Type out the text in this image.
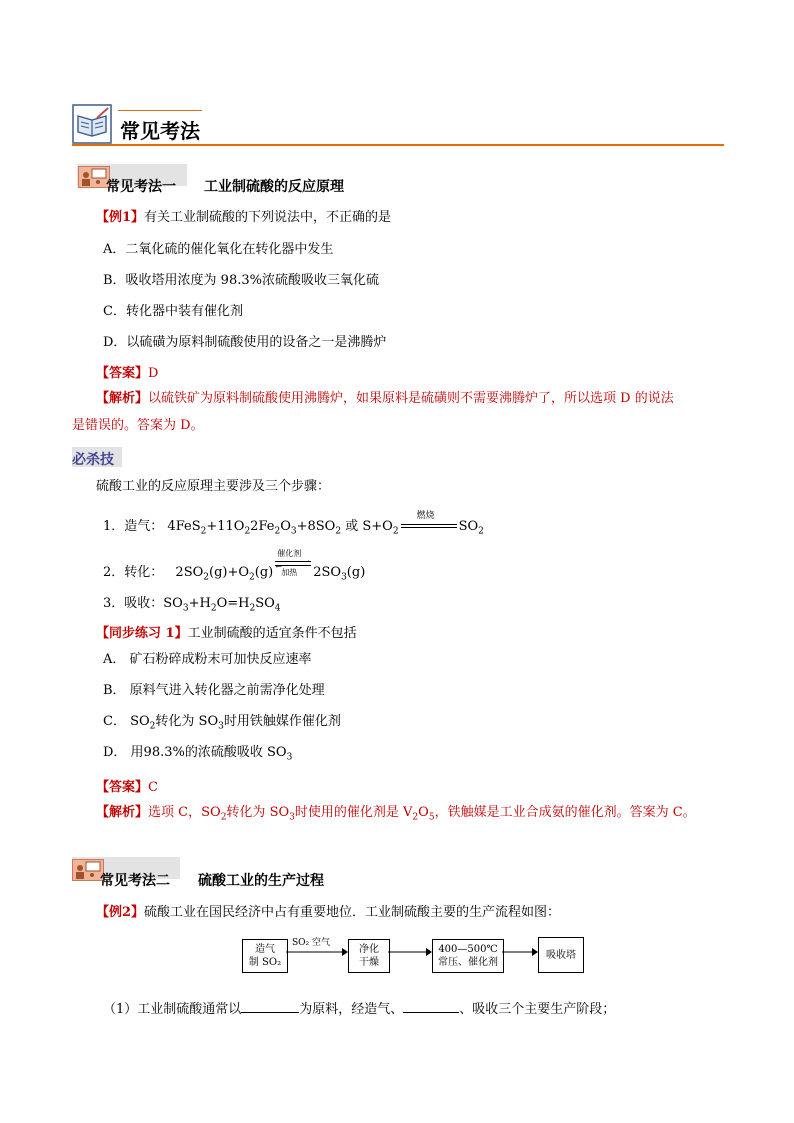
常见考法
常见考法一 工业制硫酸的反应原理
【例1】有关工业制硫酸的下列说法中，不正确的是
A．二氧化硫的催化氧化在转化器中发生
B．吸收塔用浓度为 98.3%浓硫酸吸收三氧化硫
C．转化器中装有催化剂
D．以硫磺为原料制硫酸使用的设备之一是沸腾炉
【答案】D
【解析】以硫铁矿为原料制硫酸使用沸腾炉，如果原料是硫磺则不需要沸腾炉了，所以选项 D 的说法
是错误的。答案为 D。
必杀技
硫酸工业的反应原理主要涉及三个步骤：
1．造气： $4FeS_2+11O_22Fe_2O_3+8SO_2$ 或 $S+O_2$
燃烧
$SO_2$
2．转化： $2SO_2(g)+O_2(g)$
催化剂
⇀
↽
加热 $2SO_3(g)$
3．吸收：$SO_3+H_2O=H_2SO_4$
【同步练习 1】工业制硫酸的适宜条件不包括
A． 矿石粉碎成粉末可加快反应速率
B． 原料气进入转化器之前需净化处理
C． $SO_2$转化为 $SO_3$时用铁触媒作催化剂
D． 用98.3%的浓硫酸吸收 $SO_3$
【答案】C
【解析】选项 C，$SO_2$转化为 $SO_3$时使用的催化剂是 $V_2O_5$，铁触媒是工业合成氨的催化剂。答案为 C。
常见考法二 硫酸工业的生产过程
【例2】硫酸工业在国民经济中占有重要地位．工业制硫酸主要的生产流程如图：
造气
制 SO₂
SO₂ 空气
净化
干燥
400—500℃
常压、催化剂
吸收塔
（1）工业制硫酸通常以	为原料，经造气、	、吸收三个主要生产阶段；
